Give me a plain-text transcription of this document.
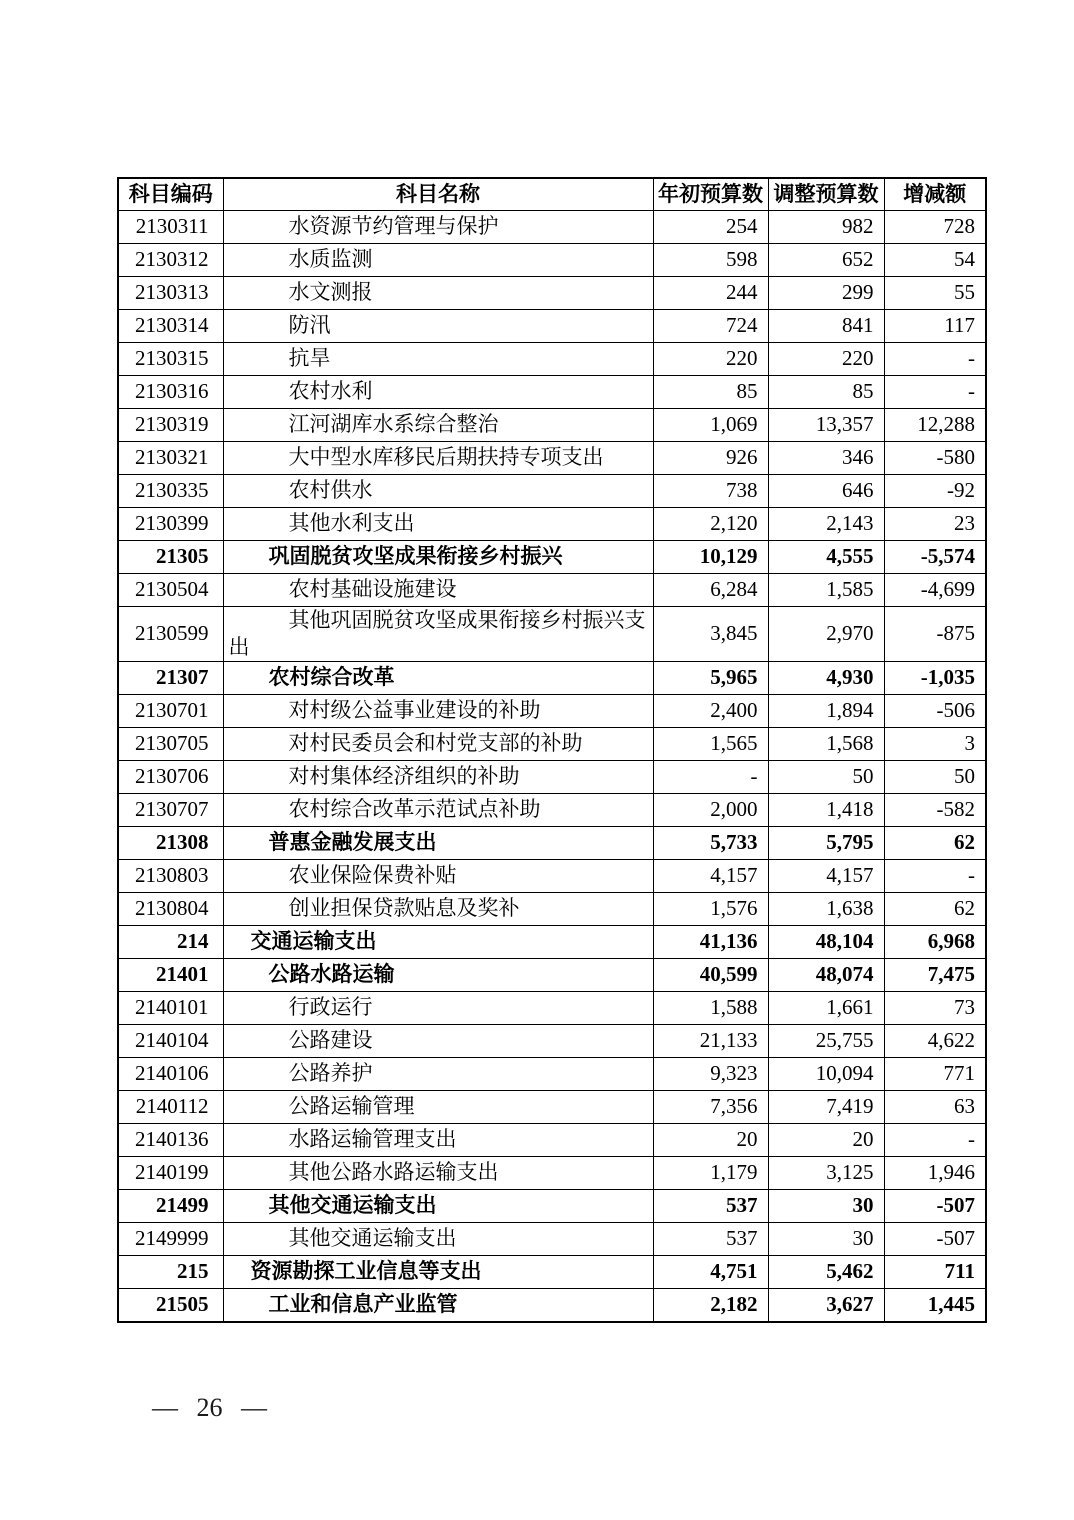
科目编码	科目名称	年初预算数	调整预算数	增减额
2130311	水资源节约管理与保护	254	982	728
2130312	水质监测	598	652	54
2130313	水文测报	244	299	55
2130314	防汛	724	841	117
2130315	抗旱	220	220	-
2130316	农村水利	85	85	-
2130319	江河湖库水系综合整治	1,069	13,357	12,288
2130321	大中型水库移民后期扶持专项支出	926	346	-580
2130335	农村供水	738	646	-92
2130399	其他水利支出	2,120	2,143	23
21305	巩固脱贫攻坚成果衔接乡村振兴	10,129	4,555	-5,574
2130504	农村基础设施建设	6,284	1,585	-4,699
2130599	其他巩固脱贫攻坚成果衔接乡村振兴支出	3,845	2,970	-875
21307	农村综合改革	5,965	4,930	-1,035
2130701	对村级公益事业建设的补助	2,400	1,894	-506
2130705	对村民委员会和村党支部的补助	1,565	1,568	3
2130706	对村集体经济组织的补助	-	50	50
2130707	农村综合改革示范试点补助	2,000	1,418	-582
21308	普惠金融发展支出	5,733	5,795	62
2130803	农业保险保费补贴	4,157	4,157	-
2130804	创业担保贷款贴息及奖补	1,576	1,638	62
214	交通运输支出	41,136	48,104	6,968
21401	公路水路运输	40,599	48,074	7,475
2140101	行政运行	1,588	1,661	73
2140104	公路建设	21,133	25,755	4,622
2140106	公路养护	9,323	10,094	771
2140112	公路运输管理	7,356	7,419	63
2140136	水路运输管理支出	20	20	-
2140199	其他公路水路运输支出	1,179	3,125	1,946
21499	其他交通运输支出	537	30	-507
2149999	其他交通运输支出	537	30	-507
215	资源勘探工业信息等支出	4,751	5,462	711
21505	工业和信息产业监管	2,182	3,627	1,445
— 26 —
